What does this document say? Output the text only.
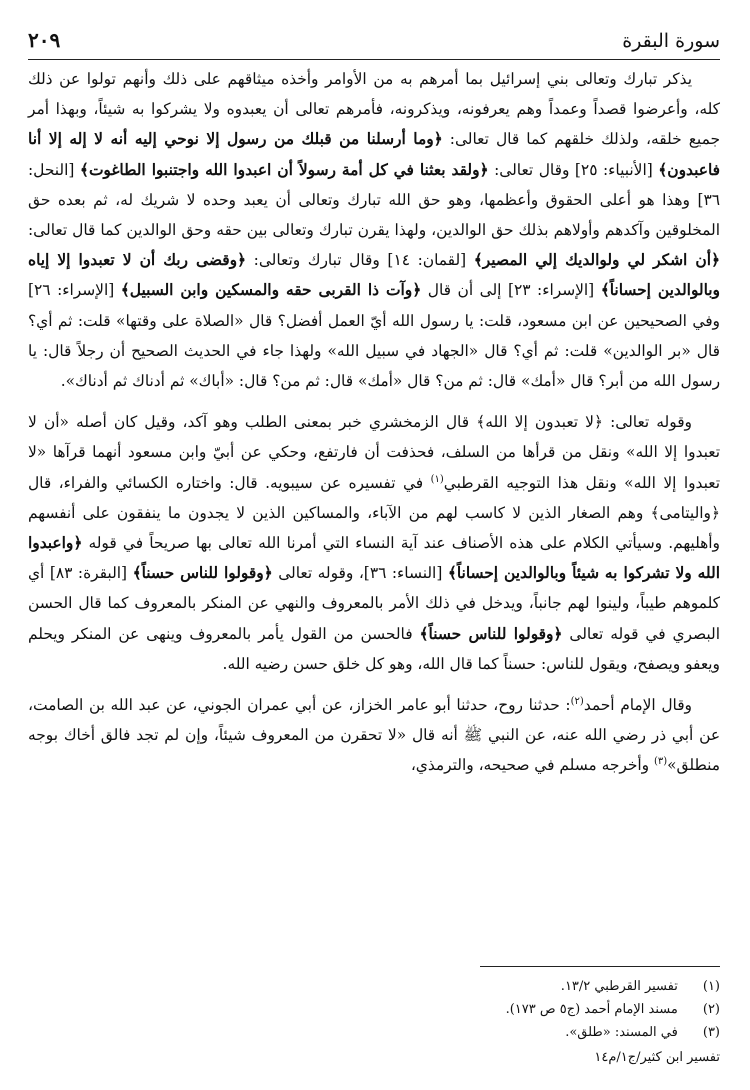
سورة البقرة
٢٠٩

يذكر تبارك وتعالى بني إسرائيل بما أمرهم به من الأوامر وأخذه ميثاقهم على ذلك وأنهم تولوا عن ذلك كله، وأعرضوا قصداً وعمداً وهم يعرفونه، ويذكرونه، فأمرهم تعالى أن يعبدوه ولا يشركوا به شيئاً، وبهذا أمر جميع خلقه، ولذلك خلقهم كما قال تعالى: ﴿وما أرسلنا من قبلك من رسول إلا نوحي إليه أنه لا إله إلا أنا فاعبدون﴾ [الأنبياء: ٢٥] وقال تعالى: ﴿ولقد بعثنا في كل أمة رسولاً أن اعبدوا الله واجتنبوا الطاغوت﴾ [النحل: ٣٦] وهذا هو أعلى الحقوق وأعظمها، وهو حق الله تبارك وتعالى أن يعبد وحده لا شريك له، ثم بعده حق المخلوقين وآكدهم وأولاهم بذلك حق الوالدين، ولهذا يقرن تبارك وتعالى بين حقه وحق الوالدين كما قال تعالى: ﴿أن اشكر لي ولوالديك إلي المصير﴾ [لقمان: ١٤] وقال تبارك وتعالى: ﴿وقضى ربك أن لا تعبدوا إلا إياه وبالوالدين إحساناً﴾ [الإسراء: ٢٣] إلى أن قال ﴿وآت ذا القربى حقه والمسكين وابن السبيل﴾ [الإسراء: ٢٦] وفي الصحيحين عن ابن مسعود، قلت: يا رسول الله أيّ العمل أفضل؟ قال «الصلاة على وقتها» قلت: ثم أي؟ قال «بر الوالدين» قلت: ثم أي؟ قال «الجهاد في سبيل الله» ولهذا جاء في الحديث الصحيح أن رجلاً قال: يا رسول الله من أبر؟ قال «أمك» قال: ثم من؟ قال «أمك» قال: ثم من؟ قال: «أباك» ثم أدناك ثم أدناك».

وقوله تعالى: ﴿لا تعبدون إلا الله﴾ قال الزمخشري خبر بمعنى الطلب وهو آكد، وقيل كان أصله «أن لا تعبدوا إلا الله» ونقل من قرأها من السلف، فحذفت أن فارتفع، وحكي عن أبيّ وابن مسعود أنهما قرآها «لا تعبدوا إلا الله» ونقل هذا التوجيه القرطبي$^{(١)}$ في تفسيره عن سيبويه. قال: واختاره الكسائي والفراء، قال ﴿واليتامى﴾ وهم الصغار الذين لا كاسب لهم من الآباء، والمساكين الذين لا يجدون ما ينفقون على أنفسهم وأهليهم. وسيأتي الكلام على هذه الأصناف عند آية النساء التي أمرنا الله تعالى بها صريحاً في قوله ﴿واعبدوا الله ولا تشركوا به شيئاً وبالوالدين إحساناً﴾ [النساء: ٣٦]، وقوله تعالى ﴿وقولوا للناس حسناً﴾ [البقرة: ٨٣] أي كلموهم طيباً، ولينوا لهم جانباً، ويدخل في ذلك الأمر بالمعروف والنهي عن المنكر بالمعروف كما قال الحسن البصري في قوله تعالى ﴿وقولوا للناس حسناً﴾ فالحسن من القول يأمر بالمعروف وينهى عن المنكر ويحلم ويعفو ويصفح، ويقول للناس: حسناً كما قال الله، وهو كل خلق حسن رضيه الله.

وقال الإمام أحمد$^{(٢)}$: حدثنا روح، حدثنا أبو عامر الخزاز، عن أبي عمران الجوني، عن عبد الله بن الصامت، عن أبي ذر رضي الله عنه، عن النبي ﷺ أنه قال «لا تحقرن من المعروف شيئاً، وإن لم تجد فالق أخاك بوجه منطلق»$^{(٣)}$ وأخرجه مسلم في صحيحه، والترمذي،

(١) تفسير القرطبي ١٣/٢.
(٢) مسند الإمام أحمد (ج٥ ص ١٧٣).
(٣) في المسند: «طلق».
تفسير ابن كثير/ج١/م١٤
